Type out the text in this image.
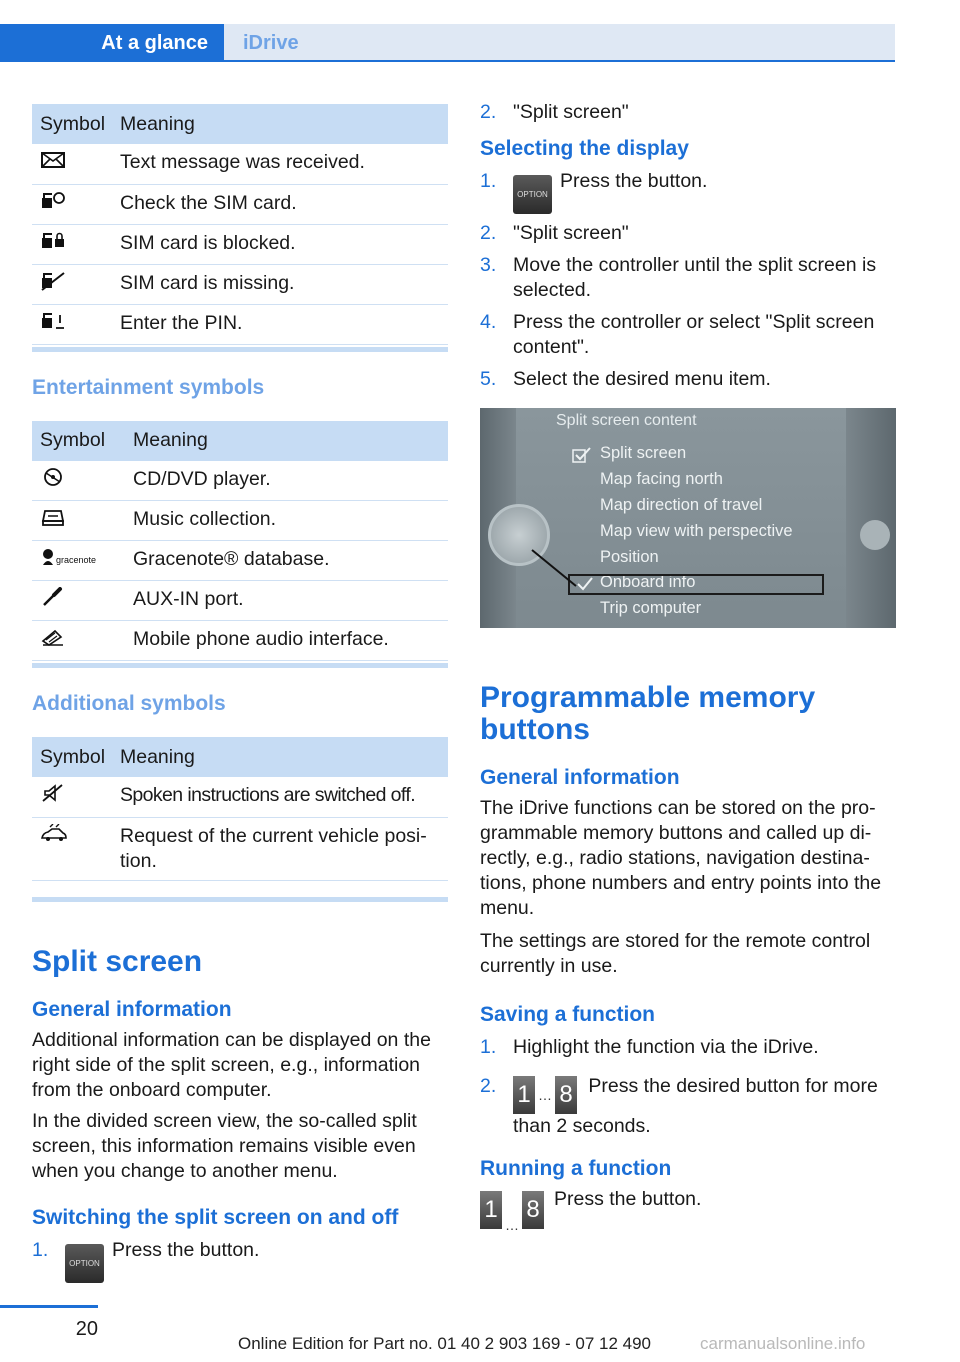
At a glance	iDrive
Symbol	Meaning

	Text message was received.

	Check the SIM card.

	SIM card is blocked.

	SIM card is missing.

	Enter the PIN.
Entertainment symbols
Symbol	Meaning

	CD/DVD player.

	Music collection.

gracenote	Gracenote® database.

	AUX-IN port.

	Mobile phone audio interface.
Additional symbols
Symbol	Meaning

	Spoken instructions are switched off.

	Request of the current vehicle posi‐tion.
Split screen
General information

Additional information can be displayed on the right side of the split screen, e.g., information from the onboard computer.

In the divided screen view, the so-called split screen, this information remains visible even when you change to another menu.

Switching the split screen on and off
1.
OPTIONPress the button.
2. "Split screen"
Selecting the display
1.
OPTIONPress the button.
2. "Split screen"
3. Move the controller until the split screen is selected.
4. Press the controller or select "Split screen content".
5. Select the desired menu item.
Split screen content
Split screen
Map facing north
Map direction of travel
Map view with perspective
Position
Onboard info
Trip computer
Programmable memory buttons
General information

The iDrive functions can be stored on the pro‐grammable memory buttons and called up di‐rectly, e.g., radio stations, navigation destina‐tions, phone numbers and entry points into the menu.

The settings are stored for the remote control currently in use.

Saving a function
1. Highlight the function via the iDrive.
2. 1 … 8 Press the desired button for more than 2 seconds.
Running a function
1
…
8 Press the button.
20
Online Edition for Part no. 01 40 2 903 169 - 07 12 490	carmanualsonline.info
